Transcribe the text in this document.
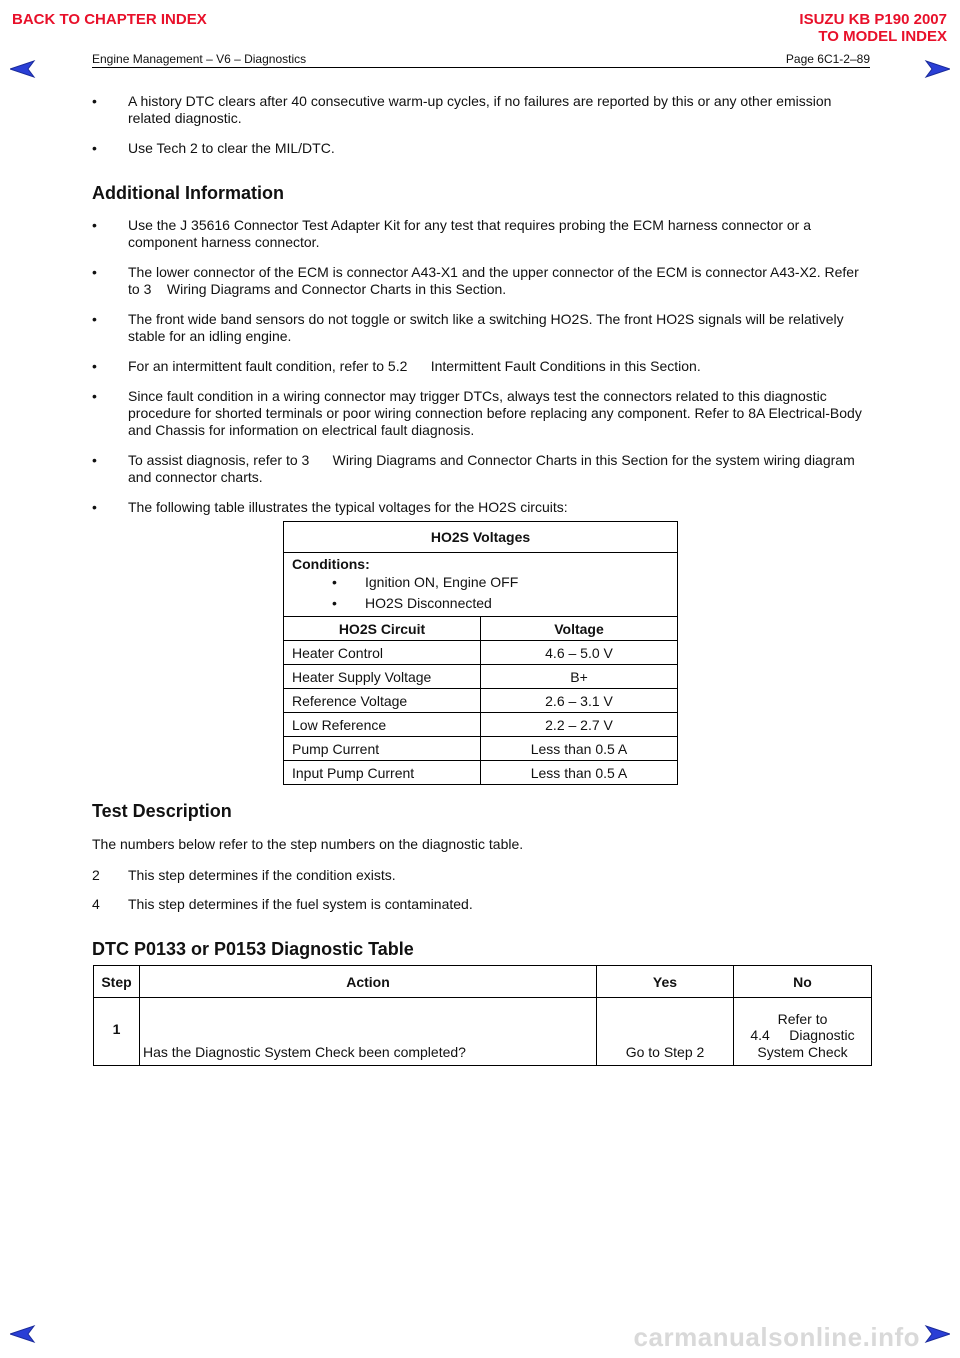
BACK TO CHAPTER INDEX	ISUZU KB P190 2007
TO MODEL INDEX
Engine Management – V6 – Diagnostics	Page 6C1-2–89
•	A history DTC clears after 40 consecutive warm-up cycles, if no failures are reported by this or any other emission related diagnostic.
•	Use Tech 2 to clear the MIL/DTC.
Additional Information
•	Use the J 35616 Connector Test Adapter Kit for any test that requires probing the ECM harness connector or a component harness connector.
•	The lower connector of the ECM is connector A43-X1 and the upper connector of the ECM is connector A43-X2. Refer to 3    Wiring Diagrams and Connector Charts in this Section.
•	The front wide band sensors do not toggle or switch like a switching HO2S. The front HO2S signals will be relatively stable for an idling engine.
•	For an intermittent fault condition, refer to 5.2      Intermittent Fault Conditions in this Section.
•	Since fault condition in a wiring connector may trigger DTCs, always test the connectors related to this diagnostic procedure for shorted terminals or poor wiring connection before replacing any component. Refer to 8A Electrical-Body and Chassis for information on electrical fault diagnosis.
•	To assist diagnosis, refer to 3      Wiring Diagrams and Connector Charts in this Section for the system wiring diagram and connector charts.
•	The following table illustrates the typical voltages for the HO2S circuits:
HO2S Voltages	

Conditions:
• Ignition ON, Engine OFF
• HO2S Disconnected	

HO2S Circuit	Voltage
Heater Control	4.6 – 5.0 V
Heater Supply Voltage	B+
Reference Voltage	2.6 – 3.1 V
Low Reference	2.2 – 2.7 V
Pump Current	Less than 0.5 A
Input Pump Current	Less than 0.5 A
Test Description
The numbers below refer to the step numbers on the diagnostic table.
2 This step determines if the condition exists.
4 This step determines if the fuel system is contaminated.
DTC P0133 or P0153 Diagnostic Table
Step	Action	Yes	No
1	Has the Diagnostic System Check been completed?	Go to Step 2	Refer to
4.4     Diagnostic
System Check
carmanualsonline.info
